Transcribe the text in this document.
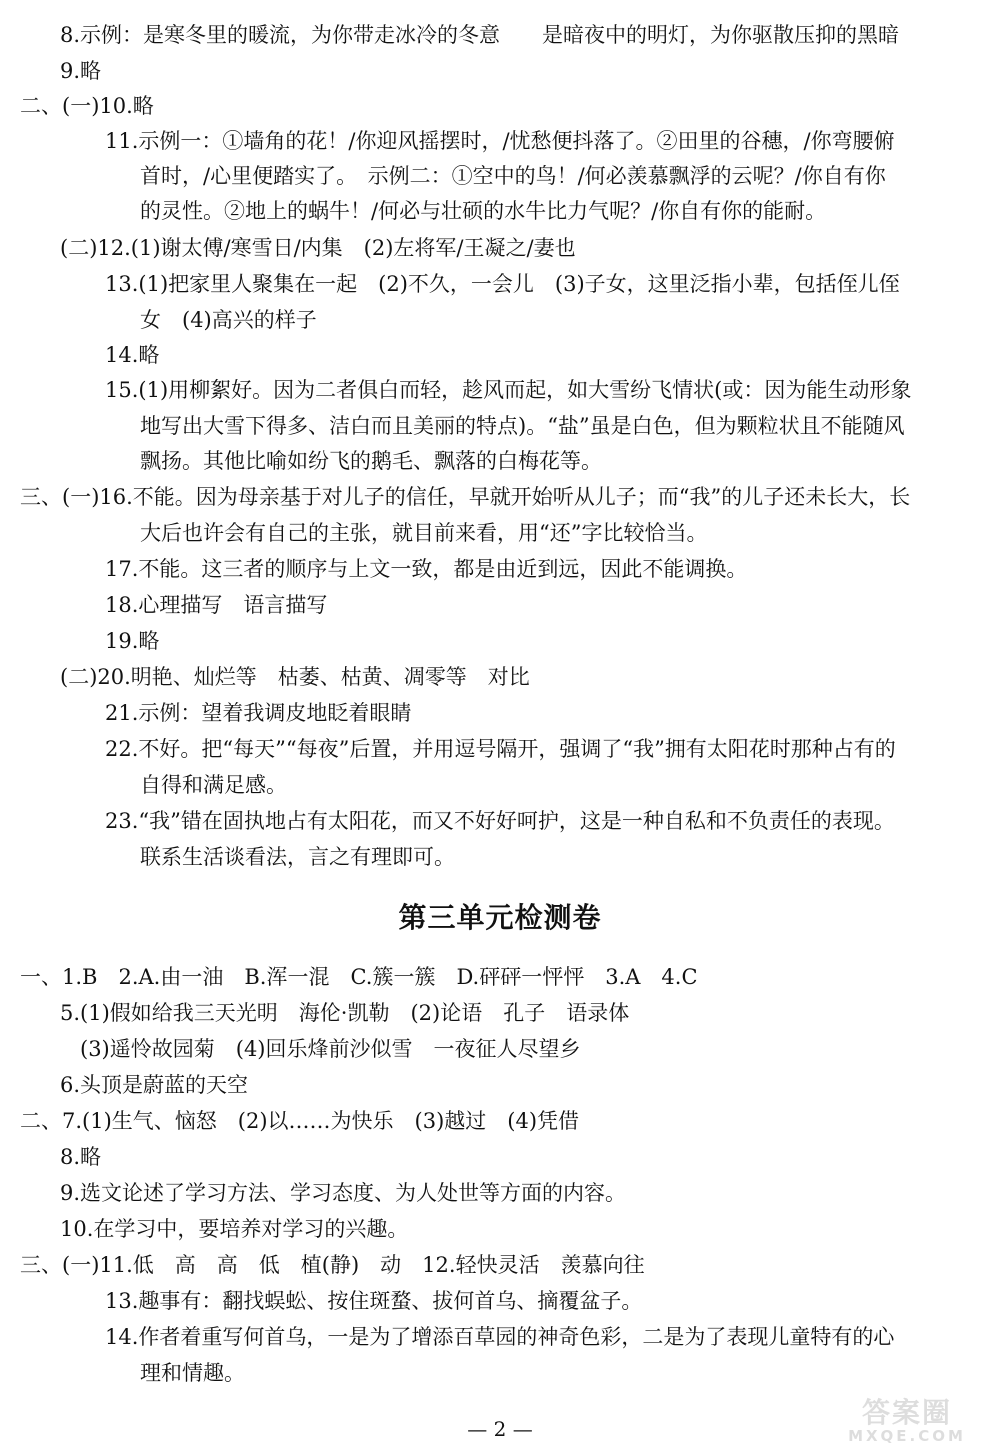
8.示例：是寒冬里的暖流，为你带走冰冷的冬意　　是暗夜中的明灯，为你驱散压抑的黑暗
9.略
二、(一)10.略
11.示例一：①墙角的花！/你迎风摇摆时，/忧愁便抖落了。②田里的谷穗，/你弯腰俯
首时，/心里便踏实了。　示例二：①空中的鸟！/何必羡慕飘浮的云呢？/你自有你
的灵性。②地上的蜗牛！/何必与壮硕的水牛比力气呢？/你自有你的能耐。
(二)12.(1)谢太傅/寒雪日/内集　(2)左将军/王凝之/妻也
13.(1)把家里人聚集在一起　(2)不久，一会儿　(3)子女，这里泛指小辈，包括侄儿侄
女　(4)高兴的样子
14.略
15.(1)用柳絮好。因为二者俱白而轻，趁风而起，如大雪纷飞情状(或：因为能生动形象
地写出大雪下得多、洁白而且美丽的特点)。“盐”虽是白色，但为颗粒状且不能随风
飘扬。其他比喻如纷飞的鹅毛、飘落的白梅花等。
三、(一)16.不能。因为母亲基于对儿子的信任，早就开始听从儿子；而“我”的儿子还未长大，长
大后也许会有自己的主张，就目前来看，用“还”字比较恰当。
17.不能。这三者的顺序与上文一致，都是由近到远，因此不能调换。
18.心理描写　语言描写
19.略
(二)20.明艳、灿烂等　枯萎、枯黄、凋零等　对比
21.示例：望着我调皮地眨着眼睛
22.不好。把“每天”“每夜”后置，并用逗号隔开，强调了“我”拥有太阳花时那种占有的
自得和满足感。
23.“我”错在固执地占有太阳花，而又不好好呵护，这是一种自私和不负责任的表现。
联系生活谈看法，言之有理即可。
第三单元检测卷
一、1.B　2.A.由一油　B.浑一混　C.簇一簇　D.砰砰一怦怦　3.A　4.C
5.(1)假如给我三天光明　海伦·凯勒　(2)论语　孔子　语录体
(3)遥怜故园菊　(4)回乐烽前沙似雪　一夜征人尽望乡
6.头顶是蔚蓝的天空
二、7.(1)生气、恼怒　(2)以……为快乐　(3)越过　(4)凭借
8.略
9.选文论述了学习方法、学习态度、为人处世等方面的内容。
10.在学习中，要培养对学习的兴趣。
三、(一)11.低　高　高　低　植(静)　动　12.轻快灵活　羡慕向往
13.趣事有：翻找蜈蚣、按住斑蝥、拔何首乌、摘覆盆子。
14.作者着重写何首乌，一是为了增添百草园的神奇色彩，二是为了表现儿童特有的心
理和情趣。
— 2 —	答案圈
MXQE.COM
